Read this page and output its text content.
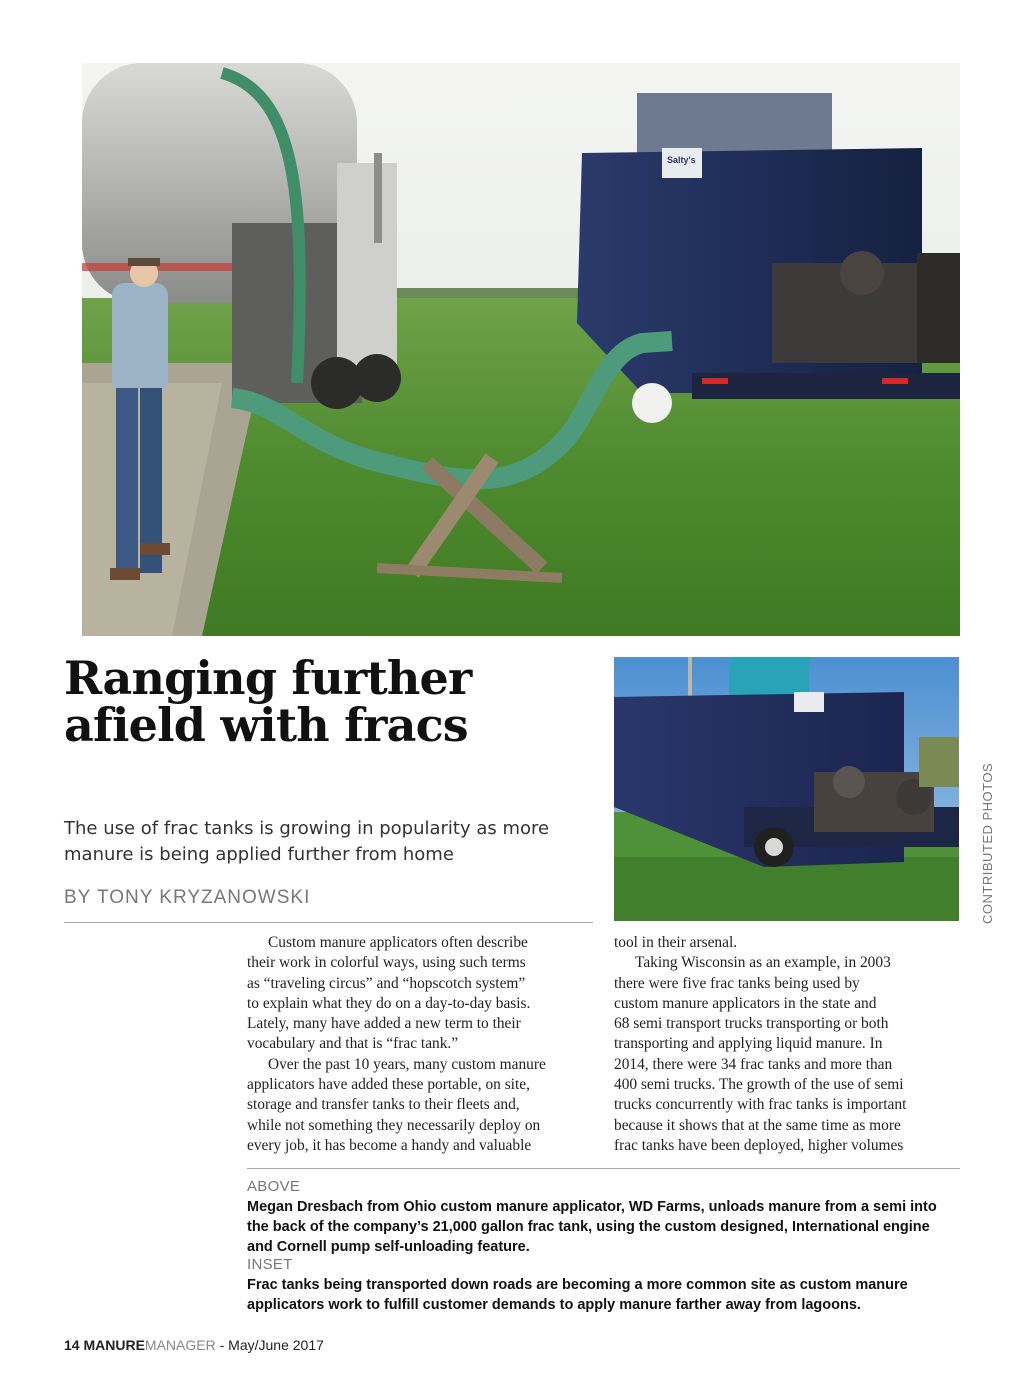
Salty's
CONTRIBUTED PHOTOS
Ranging further
afield with fracs
The use of frac tanks is growing in popularity as more
manure is being applied further from home
BY TONY KRYZANOWSKI
Custom manure applicators often describe
their work in colorful ways, using such terms
as “traveling circus” and “hopscotch system”
to explain what they do on a day-to-day basis.
Lately, many have added a new term to their
vocabulary and that is “frac tank.”
Over the past 10 years, many custom manure
applicators have added these portable, on site,
storage and transfer tanks to their fleets and,
while not something they necessarily deploy on
every job, it has become a handy and valuable
tool in their arsenal.
Taking Wisconsin as an example, in 2003
there were five frac tanks being used by
custom manure applicators in the state and
68 semi transport trucks transporting or both
transporting and applying liquid manure. In
2014, there were 34 frac tanks and more than
400 semi trucks. The growth of the use of semi
trucks concurrently with frac tanks is important
because it shows that at the same time as more
frac tanks have been deployed, higher volumes
ABOVE
Megan Dresbach from Ohio custom manure applicator, WD Farms, unloads manure from a semi into
the back of the company’s 21,000 gallon frac tank, using the custom designed, International engine
and Cornell pump self-unloading feature.
INSET
Frac tanks being transported down roads are becoming a more common site as custom manure
applicators work to fulfill customer demands to apply manure farther away from lagoons.
14 MANUREMANAGER - May/June 2017
